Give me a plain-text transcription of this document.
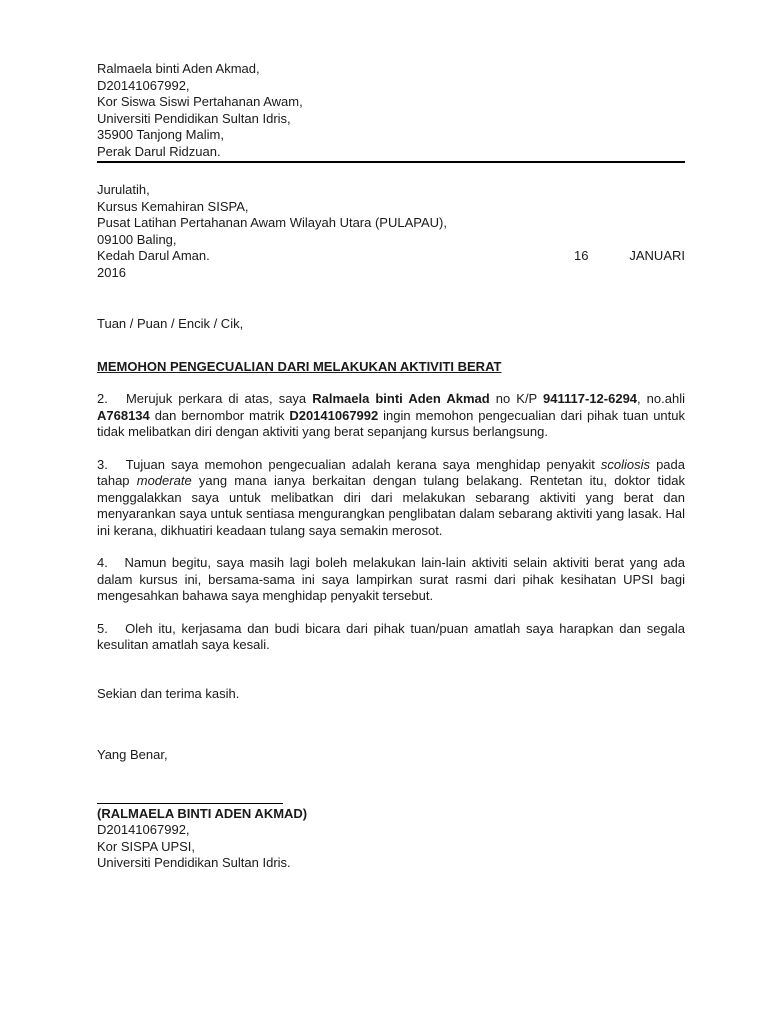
Ralmaela binti Aden Akmad,
D20141067992,
Kor Siswa Siswi Pertahanan Awam,
Universiti Pendidikan Sultan Idris,
35900 Tanjong Malim,
Perak Darul Ridzuan.
Jurulatih,
Kursus Kemahiran SISPA,
Pusat Latihan Pertahanan Awam Wilayah Utara (PULAPAU),
09100 Baling,
Kedah Darul Aman.	16	JANUARI
2016
Tuan / Puan / Encik / Cik,
MEMOHON PENGECUALIAN DARI MELAKUKAN AKTIVITI BERAT
2. Merujuk perkara di atas, saya Ralmaela binti Aden Akmad no K/P 941117-12-6294, no.ahli A768134 dan bernombor matrik D20141067992 ingin memohon pengecualian dari pihak tuan untuk tidak melibatkan diri dengan aktiviti yang berat sepanjang kursus berlangsung.
3. Tujuan saya memohon pengecualian adalah kerana saya menghidap penyakit scoliosis pada tahap moderate yang mana ianya berkaitan dengan tulang belakang. Rentetan itu, doktor tidak menggalakkan saya untuk melibatkan diri dari melakukan sebarang aktiviti yang berat dan menyarankan saya untuk sentiasa mengurangkan penglibatan dalam sebarang aktiviti yang lasak. Hal ini kerana, dikhuatiri keadaan tulang saya semakin merosot.
4. Namun begitu, saya masih lagi boleh melakukan lain-lain aktiviti selain aktiviti berat yang ada dalam kursus ini, bersama-sama ini saya lampirkan surat rasmi dari pihak kesihatan UPSI bagi mengesahkan bahawa saya menghidap penyakit tersebut.
5. Oleh itu, kerjasama dan budi bicara dari pihak tuan/puan amatlah saya harapkan dan segala kesulitan amatlah saya kesali.
Sekian dan terima kasih.
Yang Benar,
(RALMAELA BINTI ADEN AKMAD)
D20141067992,
Kor SISPA UPSI,
Universiti Pendidikan Sultan Idris.
